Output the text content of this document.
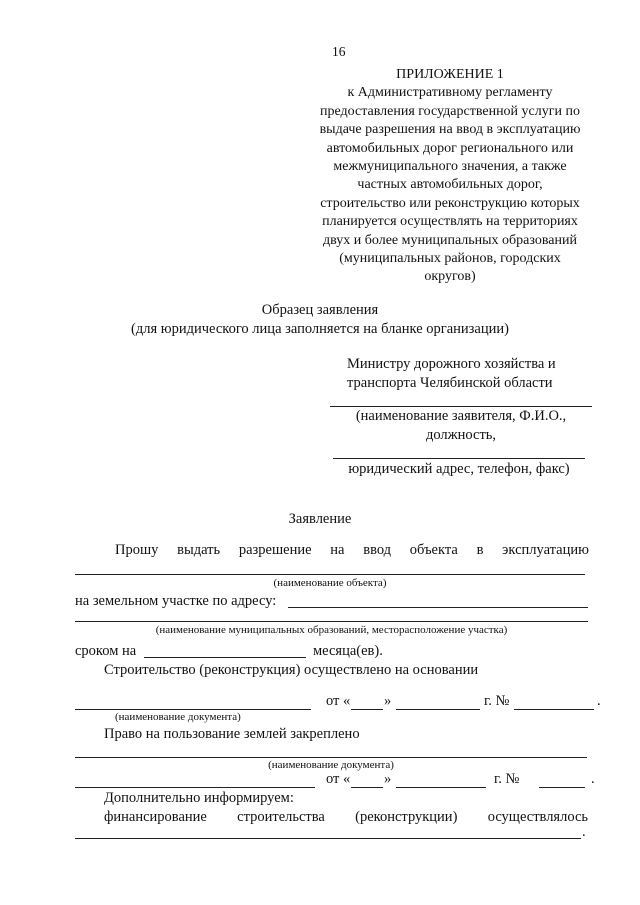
16
ПРИЛОЖЕНИЕ 1
к Административному регламенту
предоставления государственной услуги по
выдаче разрешения на ввод в эксплуатацию
автомобильных дорог регионального или
межмуниципального значения, а также
частных автомобильных дорог,
строительство или реконструкцию которых
планируется осуществлять на территориях
двух и более муниципальных образований
(муниципальных районов, городских
округов)
Образец заявления
(для юридического лица заполняется на бланке организации)
Министру дорожного хозяйства и
транспорта Челябинской области
(наименование заявителя, Ф.И.О.,
должность,
юридический адрес, телефон, факс)
Заявление
Прошу выдать разрешение на ввод объекта в эксплуатацию
(наименование объекта)
на земельном участке по адресу:
(наименование муниципальных образований, месторасположение участка)
сроком на	месяца(ев).
Строительство (реконструкция) осуществлено на основании
от « »	г. №	.
(наименование документа)
Право на пользование землей закреплено
(наименование документа)
от « »	г. №	.
Дополнительно информируем:
финансирование строительства (реконструкции) осуществлялось
.
